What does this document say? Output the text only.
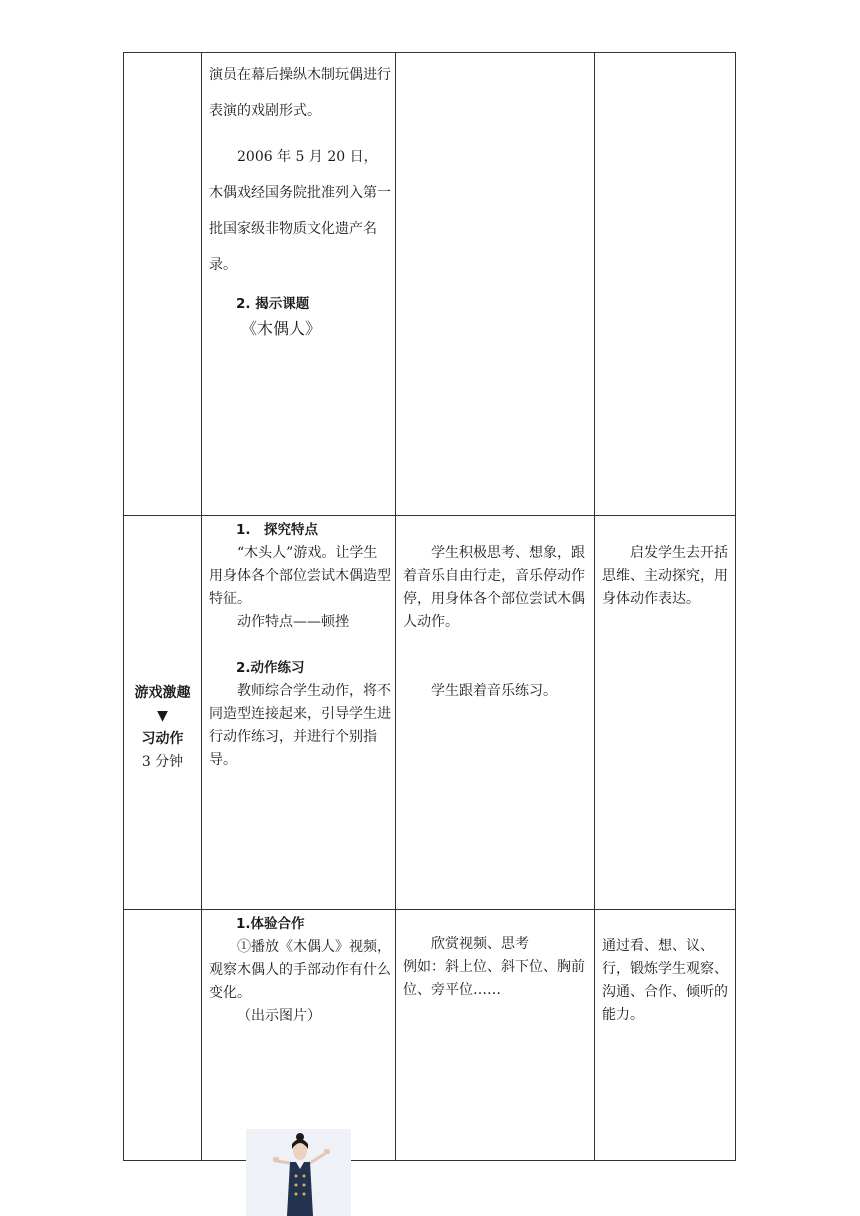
演员在幕后操纵木制玩偶进行表演的戏剧形式。

2006 年 5 月 20 日，木偶戏经国务院批准列入第一批国家级非物质文化遗产名录。

2. 揭示课题

《木偶人》

游戏激趣
▼
习动作
3 分钟

1.　探究特点

“木头人”游戏。让学生用身体各个部位尝试木偶造型特征。

动作特点——顿挫

2.动作练习

教师综合学生动作，将不同造型连接起来，引导学生进行动作练习，并进行个别指导。

学生积极思考、想象，跟着音乐自由行走，音乐停动作停，用身体各个部位尝试木偶人动作。

学生跟着音乐练习。

启发学生去开括思维、主动探究，用身体动作表达。

1.体验合作

①播放《木偶人》视频，观察木偶人的手部动作有什么变化。

（出示图片）

欣赏视频、思考

例如：斜上位、斜下位、胸前位、旁平位……

通过看、想、议、行，锻炼学生观察、沟通、合作、倾听的能力。
